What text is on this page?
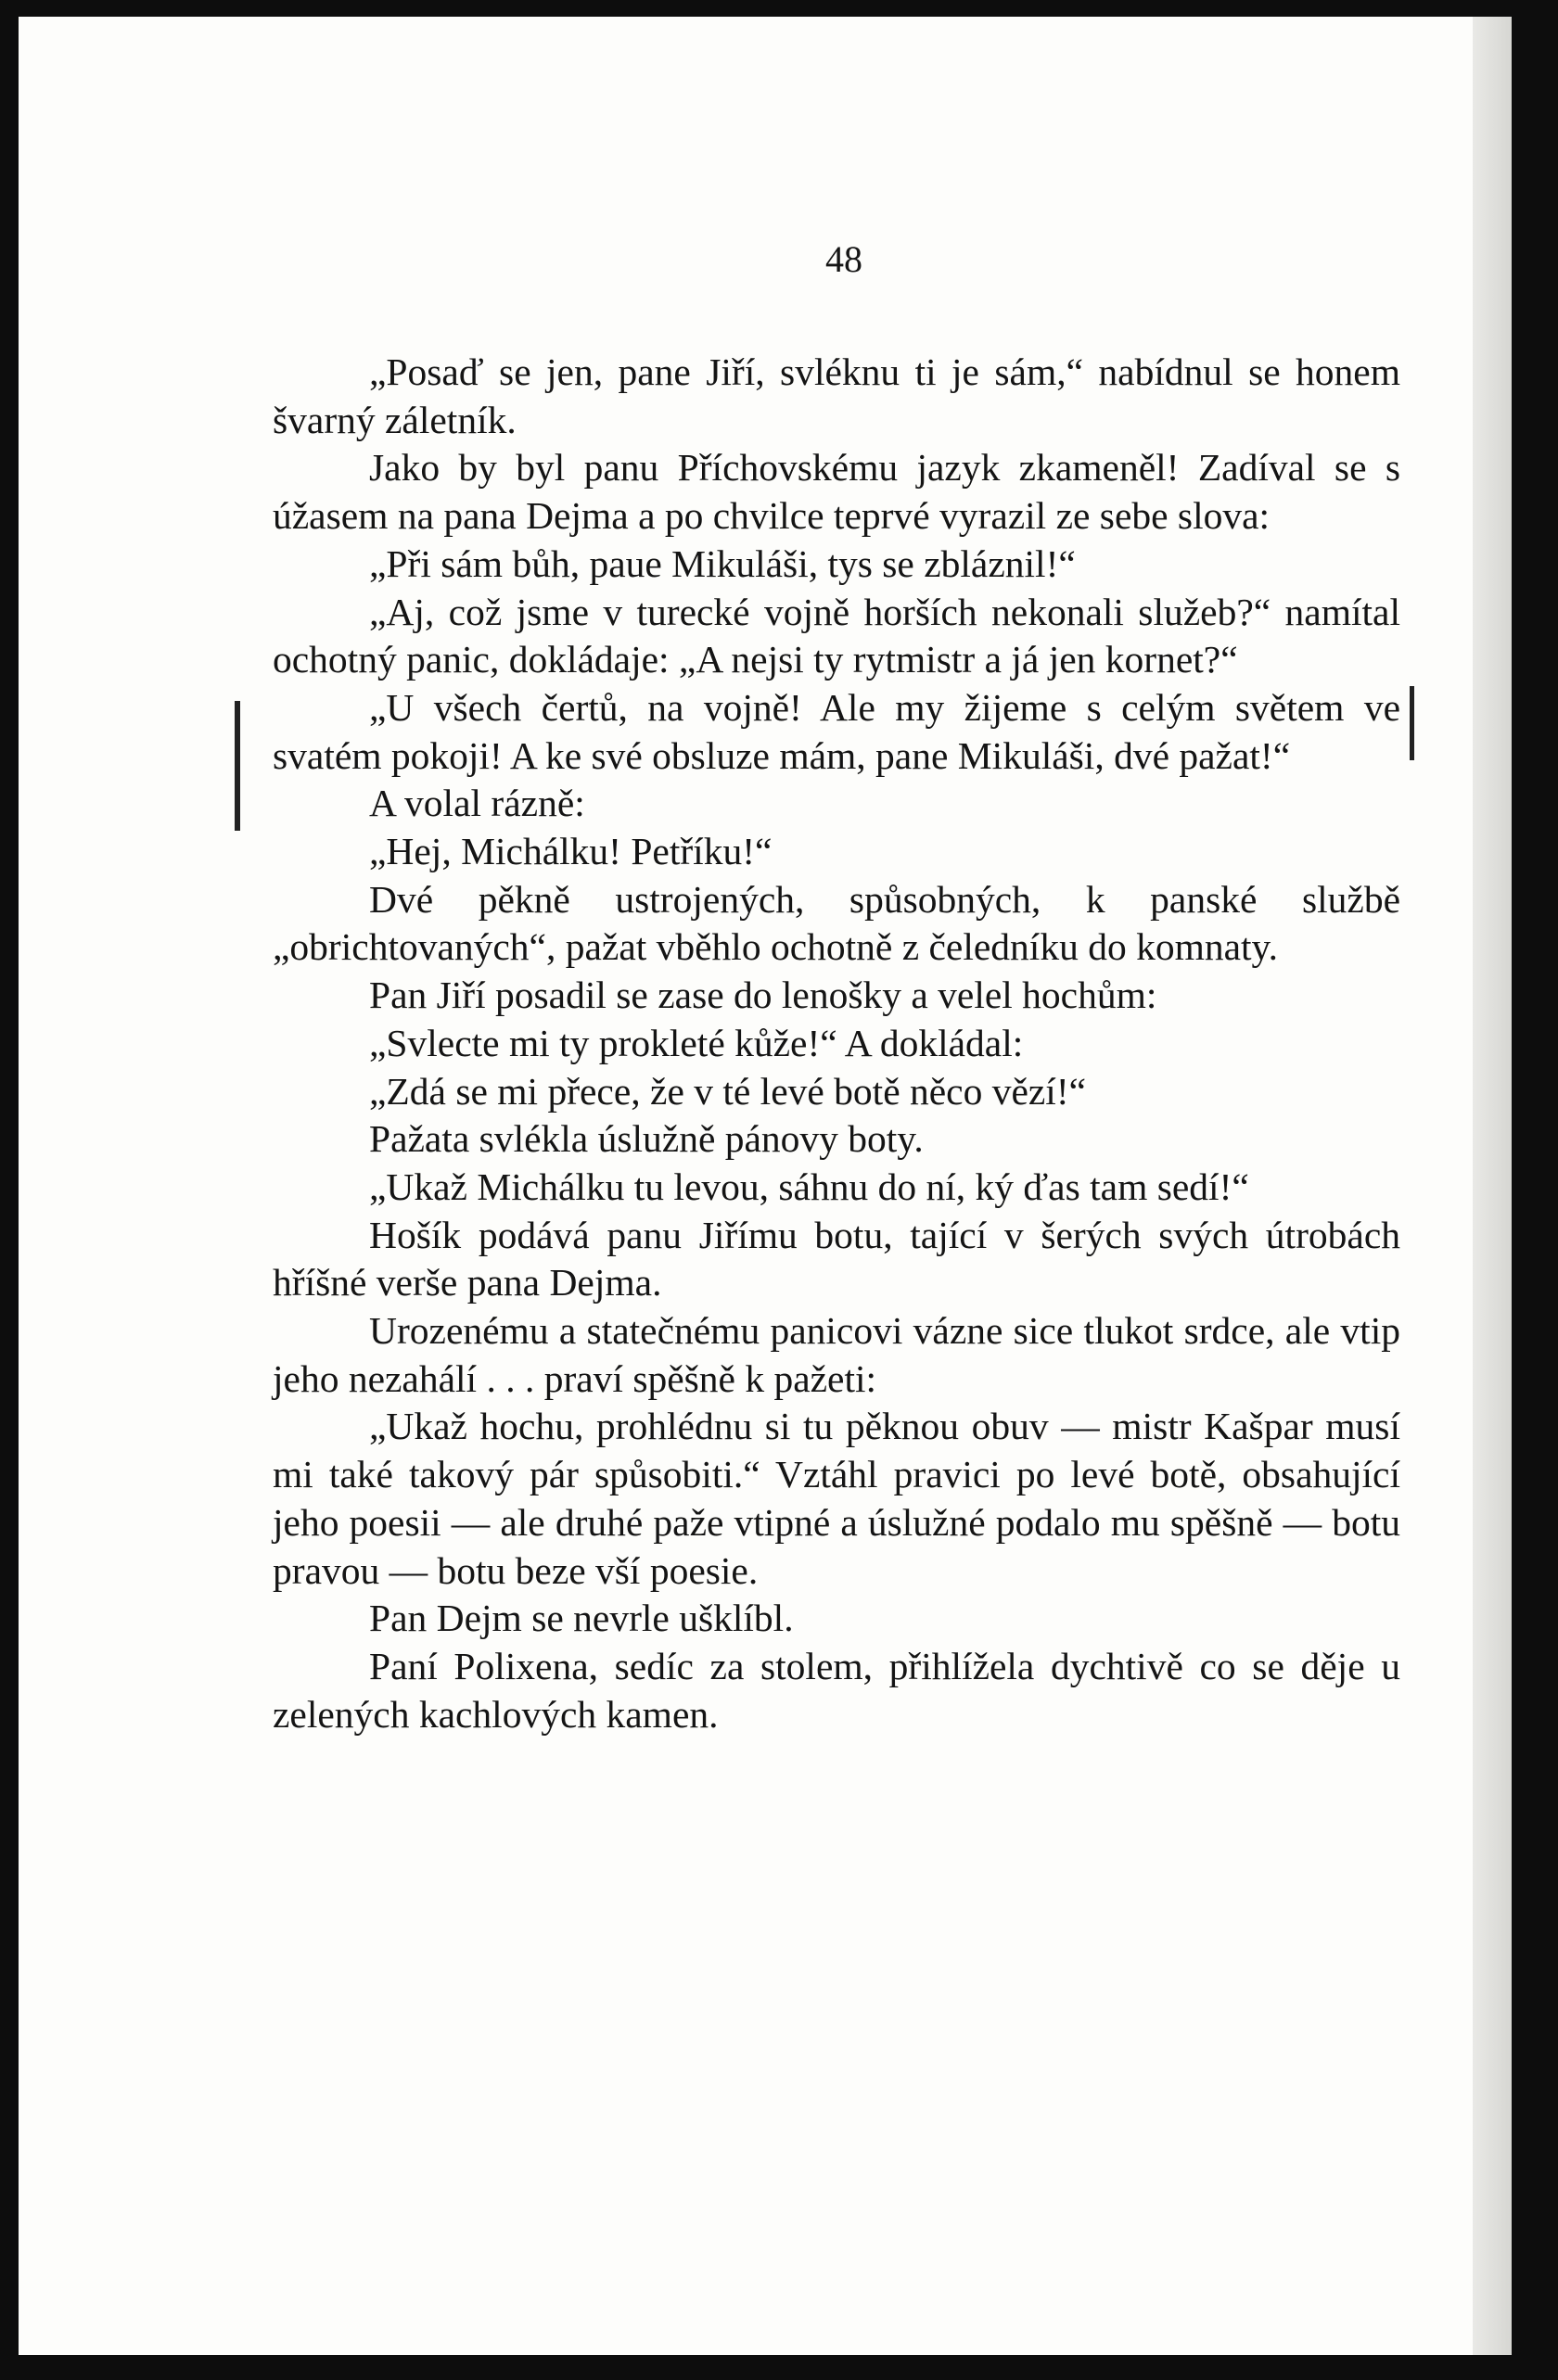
48

„Posaď se jen, pane Jiří, svléknu ti je sám,“ nabídnul se honem švarný záletník.

Jako by byl panu Příchovskému jazyk zkameněl! Zadíval se s úžasem na pana Dejma a po chvilce teprvé vyrazil ze sebe slova:

„Při sám bůh, paue Mikuláši, tys se zbláznil!“

„Aj, což jsme v turecké vojně horších nekonali služeb?“ namítal ochotný panic, dokládaje: „A nejsi ty rytmistr a já jen kornet?“

„U všech čertů, na vojně! Ale my žijeme s celým světem ve svatém pokoji! A ke své obsluze mám, pane Mikuláši, dvé pažat!“

A volal rázně:

„Hej, Michálku! Petříku!“

Dvé pěkně ustrojených, spůsobných, k panské službě „obrichtovaných“, pažat vběhlo ochotně z čeledníku do komnaty.

Pan Jiří posadil se zase do lenošky a velel hochům:

„Svlecte mi ty prokleté kůže!“ A dokládal:

„Zdá se mi přece, že v té levé botě něco vězí!“

Pažata svlékla úslužně pánovy boty.

„Ukaž Michálku tu levou, sáhnu do ní, ký ďas tam sedí!“

Hošík podává panu Jiřímu botu, tající v šerých svých útrobách hříšné verše pana Dejma.

Urozenému a statečnému panicovi vázne sice tlukot srdce, ale vtip jeho nezahálí . . . praví spěšně k pažeti:

„Ukaž hochu, prohlédnu si tu pěknou obuv — mistr Kašpar musí mi také takový pár spůsobiti.“ Vztáhl pravici po levé botě, obsahující jeho poesii — ale druhé paže vtipné a úslužné podalo mu spěšně — botu pravou — botu beze vší poesie.

Pan Dejm se nevrle ušklíbl.

Paní Polixena, sedíc za stolem, přihlížela dychtivě co se děje u zelených kachlových kamen.
